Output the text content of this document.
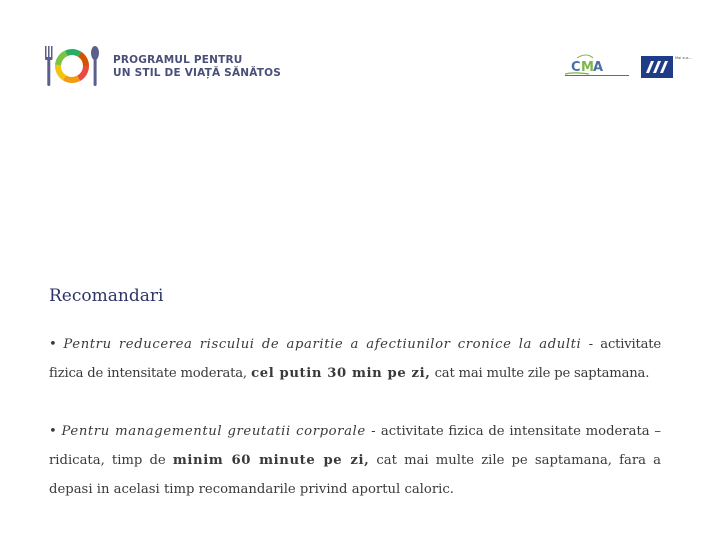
PROGRAMUL PENTRU
UN STIL DE VIAȚĂ SĂNĂTOS	C M A
Mai sus...
Recomandari
• Pentru reducerea riscului de aparitie a afectiunilor cronice la adulti - activitate fizica de intensitate moderata, cel putin 30 min pe zi, cat mai multe zile pe saptamana.
• Pentru managementul greutatii corporale - activitate fizica de intensitate moderata – ridicata, timp de minim 60 minute pe zi, cat mai multe zile pe saptamana, fara a depasi in acelasi timp recomandarile privind aportul caloric.
